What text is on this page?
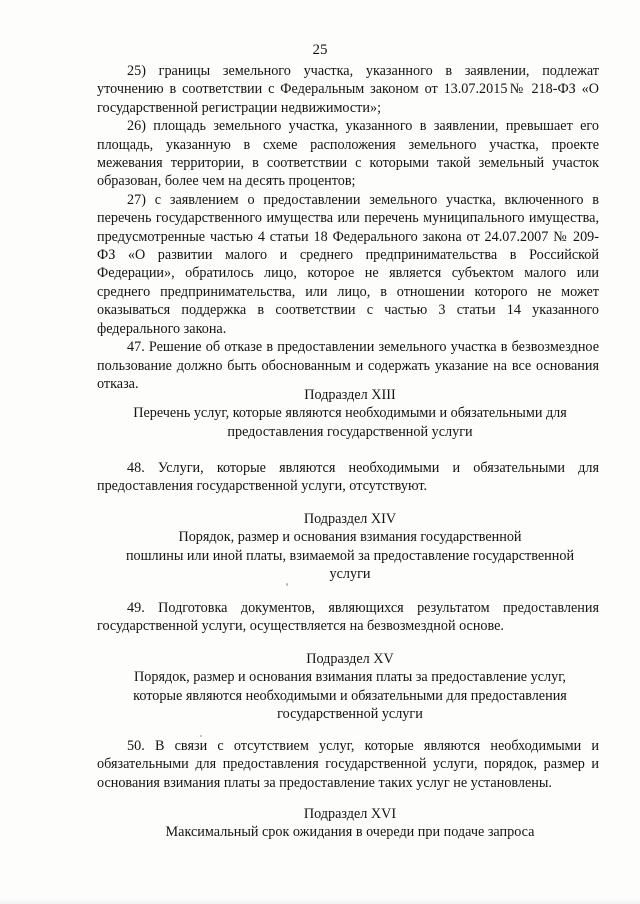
25

25) границы земельного участка, указанного в заявлении, подлежат уточнению в соответствии с Федеральным законом от 13.07.2015№ 218-ФЗ «О государственной регистрации недвижимости»;

26) площадь земельного участка, указанного в заявлении, превышает его площадь, указанную в схеме расположения земельного участка, проекте межевания территории, в соответствии с которыми такой земельный участок образован, более чем на десять процентов;

27) с заявлением о предоставлении земельного участка, включенного в перечень государственного имущества или перечень муниципального имущества, предусмотренные частью 4 статьи 18 Федерального закона от 24.07.2007 № 209-ФЗ «О развитии малого и среднего предпринимательства в Российской Федерации», обратилось лицо, которое не является субъектом малого или среднего предпринимательства, или лицо, в отношении которого не может оказываться поддержка в соответствии с частью 3 статьи 14 указанного федерального закона.

47. Решение об отказе в предоставлении земельного участка в безвозмездное пользование должно быть обоснованным и содержать указание на все основания отказа.

Подраздел XIII
Перечень услуг, которые являются необходимыми и обязательными для
предоставления государственной услуги

48. Услуги, которые являются необходимыми и обязательными для предоставления государственной услуги, отсутствуют.

Подраздел XIV
Порядок, размер и основания взимания государственной
пошлины или иной платы, взимаемой за предоставление государственной
услуги

49. Подготовка документов, являющихся результатом предоставления государственной услуги, осуществляется на безвозмездной основе.

Подраздел XV
Порядок, размер и основания взимания платы за предоставление услуг,
которые являются необходимыми и обязательными для предоставления
государственной услуги

50. В связи с отсутствием услуг, которые являются необходимыми и обязательными для предоставления государственной услуги, порядок, размер и основания взимания платы за предоставление таких услуг не установлены.

Подраздел XVI
Максимальный срок ожидания в очереди при подаче запроса
